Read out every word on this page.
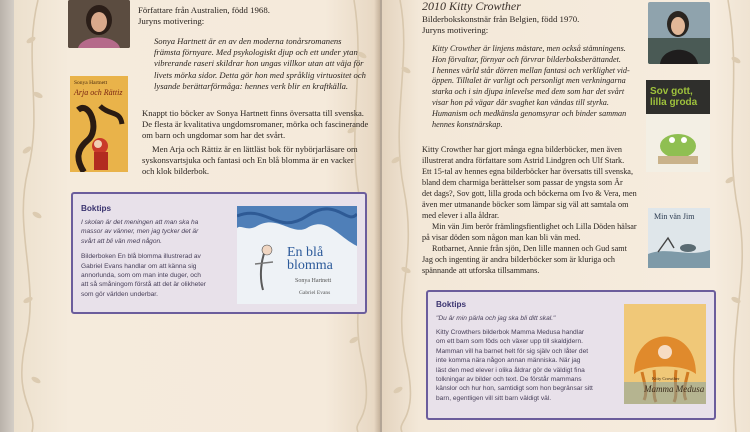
Författare från Australien, född 1968.
Juryns motivering:

Sonya Hartnett är en av den moderna tonårsromanens

främsta förnyare. Med psykologiskt djup och ett under ytan

vibrerande raseri skildrar hon ungas villkor utan att väja för

livets mörka sidor. Detta gör hon med språklig virtuositet och

lysande berättarförmåga: hennes verk blir en kraftkälla.

Sonya Hartnett
Arja och Rättiz

Knappt tio böcker av Sonya Hartnett finns översatta till svenska.

De flesta är kvalitativa ungdomsromaner, mörka och fascinerande

om barn och ungdomar som har det svårt.

Men Arja och Rättiz är en lättläst bok för nybörjarläsare om

syskonsvartsjuka och fantasi och En blå blomma är en vacker

och klok bilderbok.

Boktips
I skolan är det meningen att man ska ha
massor av vänner, men jag tycker det är
svårt att bli vän med någon.
Bilderboken En blå blomma illustrerad av
Gabriel Evans handlar om att känna sig
annorlunda, som om man inte duger, och
att så småningom förstå att det är olikheter
som gör världen underbar.
En blå
blomma
Sonya Hartnett
Gabriel Evans
2010 Kitty Crowther
Bilderbokskonstnär från Belgien, född 1970.
Juryns motivering:

Kitty Crowther är linjens mästare, men också stämningens.

Hon förvaltar, förnyar och förvrar bilderboksberättandet.

I hennes värld står dörren mellan fantasi och verklighet vid-

öppen. Tilltalet är varligt och personligt men verkningarna

starka och i sin djupa inlevelse med dem som har det svårt

visar hon på vägar där svaghet kan vändas till styrka.

Humanism och medkänsla genomsyrar och binder samman

hennes konstnärskap.

Sov gott,
lilla groda

Kitty Crowther har gjort många egna bilderböcker, men även

illustrerat andra författare som Astrid Lindgren och Ulf Stark.

Ett 15-tal av hennes egna bilderböcker har översatts till svenska,

bland dem charmiga berättelser som passar de yngsta som Är

det dags?, Sov gott, lilla groda och böckerna om Ivo & Vera, men

även mer utmanande böcker som lämpar sig väl att samtala om

med elever i alla åldrar.

Min vän Jim berör främlingsfientlighet och Lilla Döden hälsar

på visar döden som någon man kan bli vän med.

Rotbarnet, Annie från sjön, Den lille mannen och Gud samt

Jag och ingenting är andra bilderböcker som är kluriga och

spännande att utforska tillsammans.

Min vän Jim
Boktips
"Du är min pärla och jag ska bli ditt skal."
Kitty Crowthers bilderbok Mamma Medusa handlar
om ett barn som föds och växer upp till skaldjdern.
Mamman vill ha barnet helt för sig själv och låter det
inte komma nära någon annan människa. När jag
läst den med elever i olika åldrar gör de väldigt fina
tolkningar av bilder och text. De förstår mammans
känslor och hur hon, samtidigt som hon begränsar sitt
barn, egentligen vill sitt barn väldigt väl.
Kitty Crowther
Mamma Medusa
